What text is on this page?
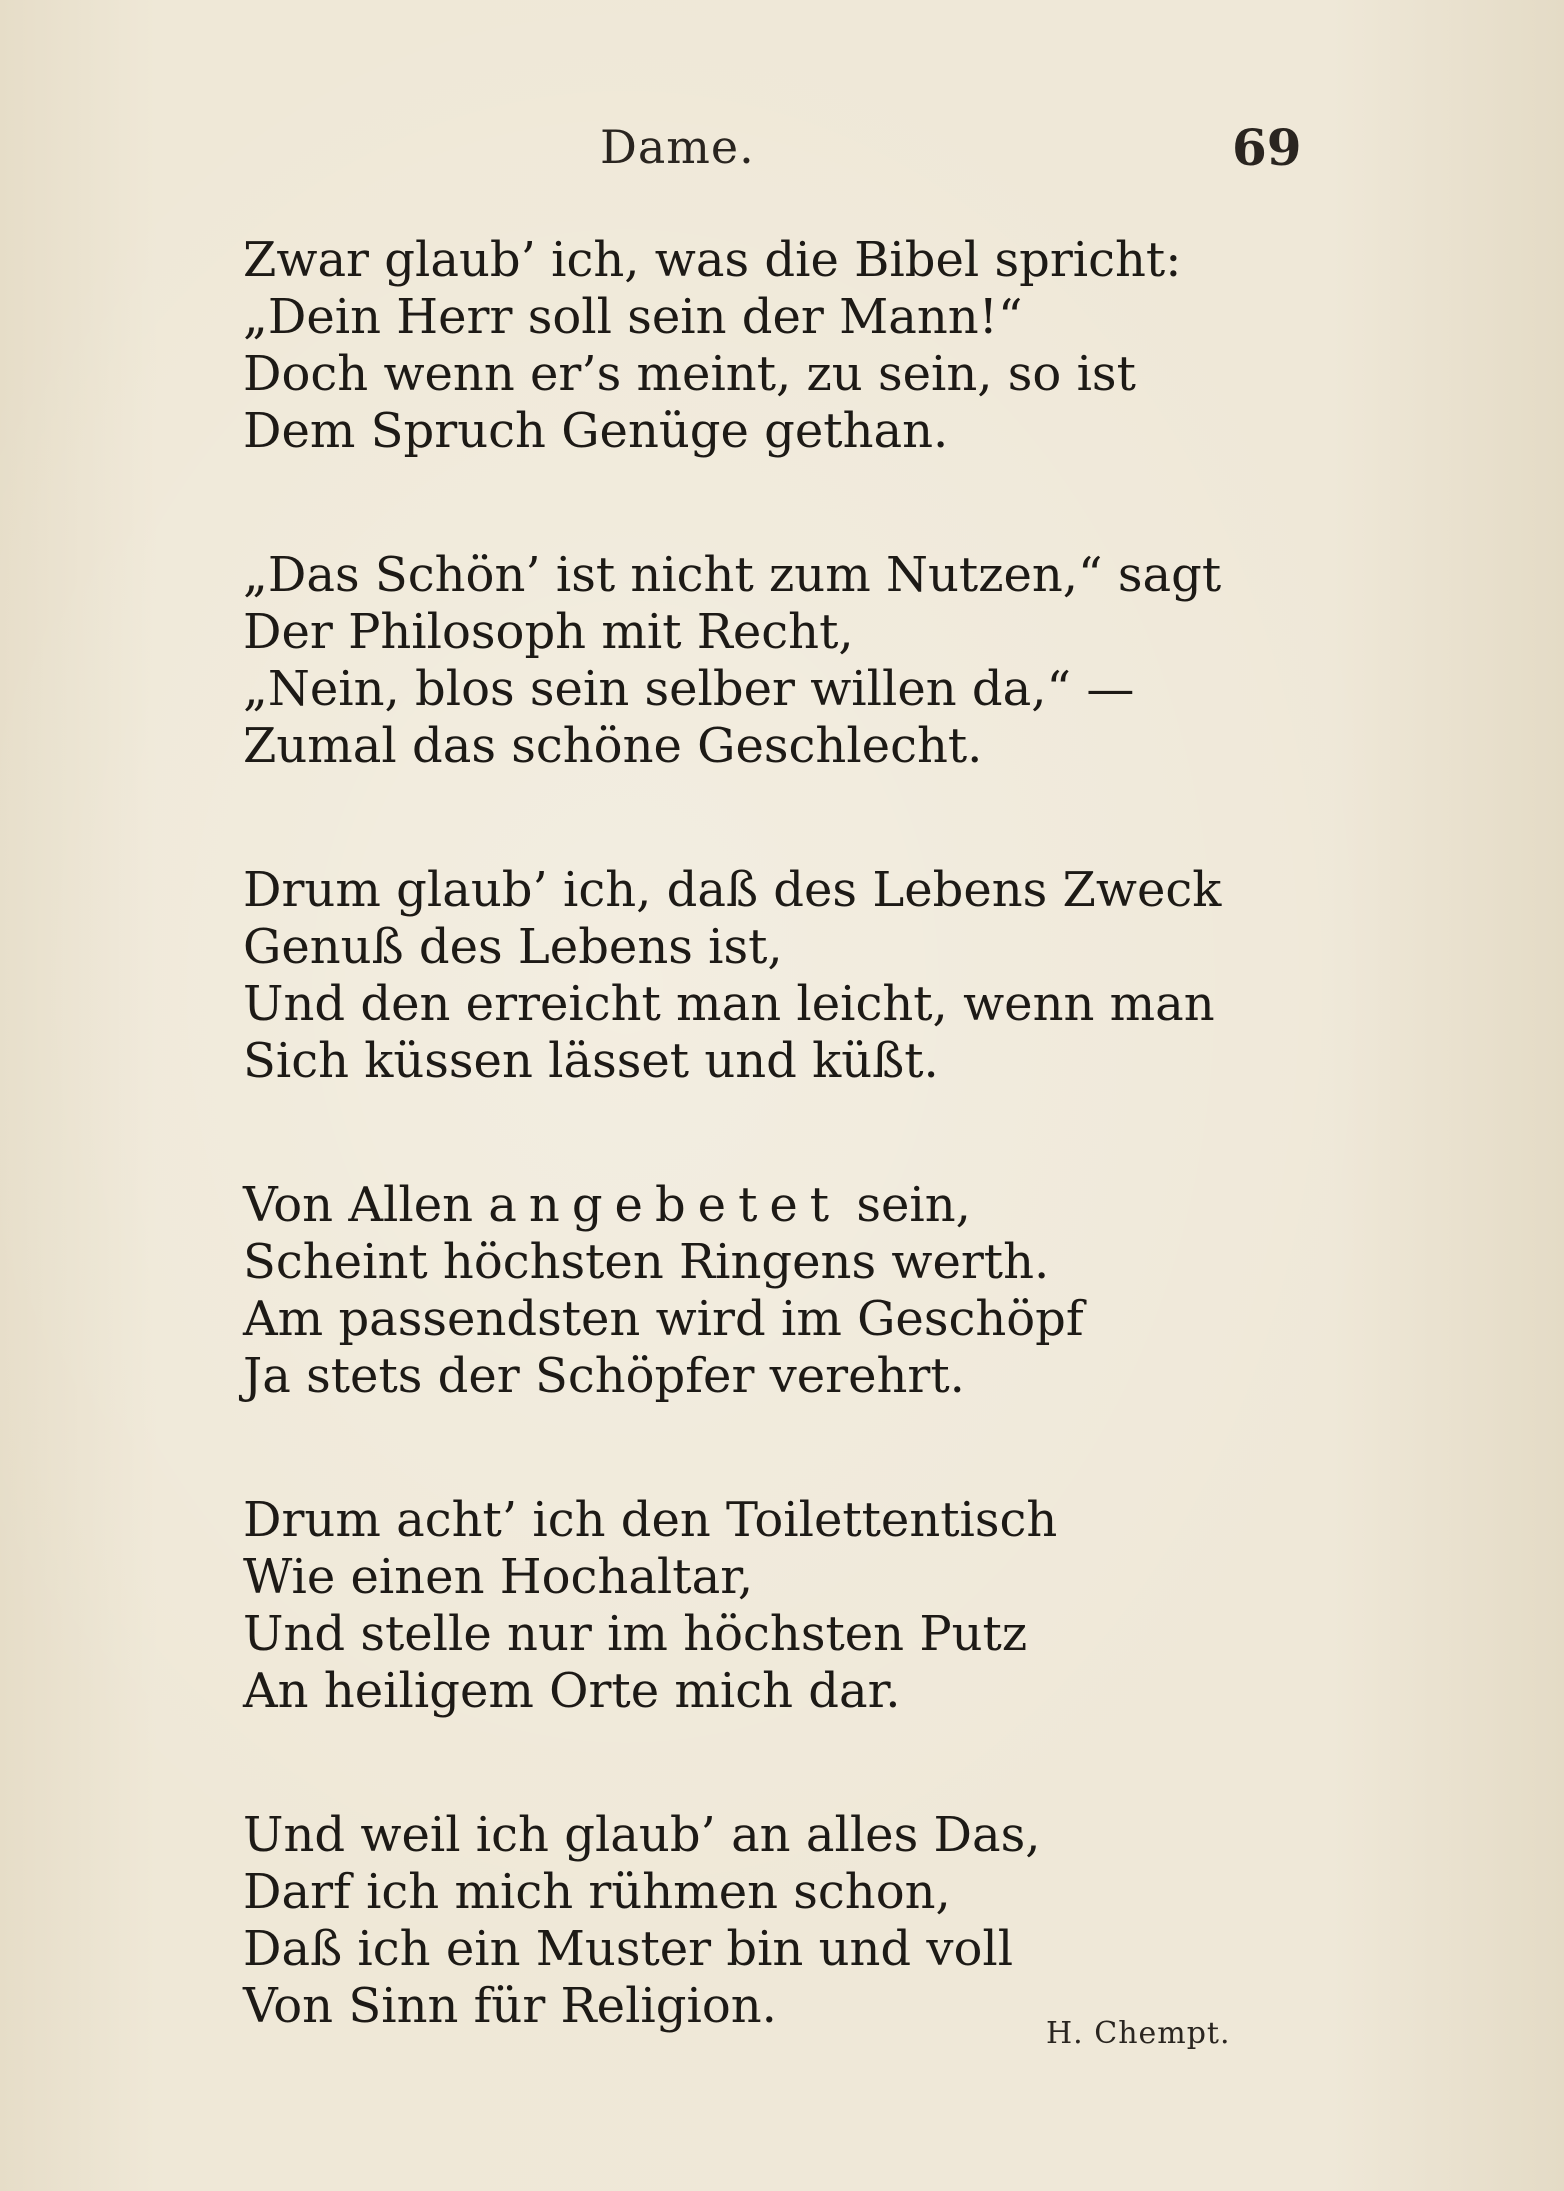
Dame.	69
Zwar glaub’ ich, was die Bibel spricht:
„Dein Herr soll sein der Mann!“
Doch wenn er’s meint, zu sein, so ist
Dem Spruch Genüge gethan.
„Das Schön’ ist nicht zum Nutzen,“ sagt
Der Philosoph mit Recht,
„Nein, blos sein selber willen da,“ —
Zumal das schöne Geschlecht.
Drum glaub’ ich, daß des Lebens Zweck
Genuß des Lebens ist,
Und den erreicht man leicht, wenn man
Sich küssen lässet und küßt.
Von Allen angebetet sein,
Scheint höchsten Ringens werth.
Am passendsten wird im Geschöpf
Ja stets der Schöpfer verehrt.
Drum acht’ ich den Toilettentisch
Wie einen Hochaltar,
Und stelle nur im höchsten Putz
An heiligem Orte mich dar.
Und weil ich glaub’ an alles Das,
Darf ich mich rühmen schon,
Daß ich ein Muster bin und voll
Von Sinn für Religion.	H. Chempt.
